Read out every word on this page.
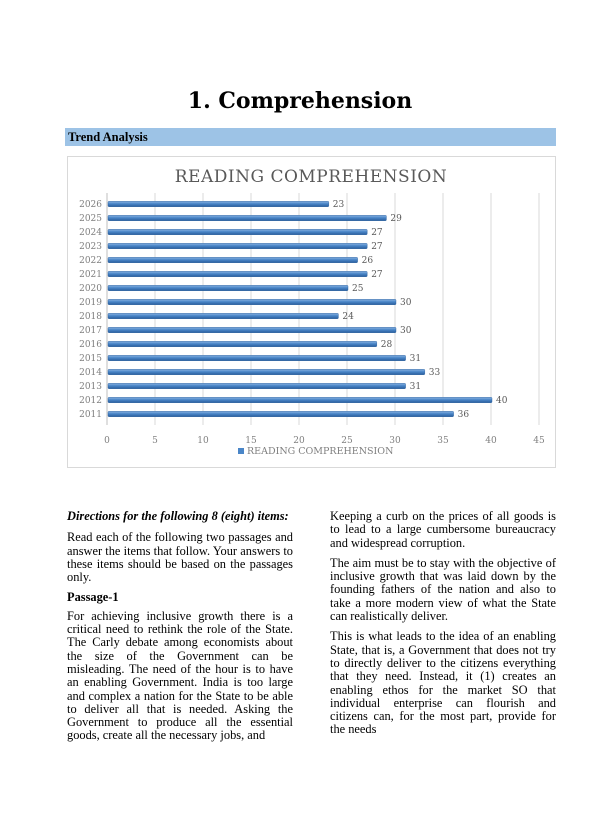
1. Comprehension
Trend Analysis
READING COMPREHENSION
0	5	10	15	20	25	30	35	40	45
2026	23
2025	29
2024	27
2023	27
2022	26
2021	27
2020	25
2019	30
2018	24
2017	30
2016	28
2015	31
2014	33
2013	31
2012	40
2011	36
READING COMPREHENSION

Directions for the following 8 (eight) items:

Read each of the following two passages and answer the items that follow. Your answers to these items should be based on the passages only.

Passage-1

For achieving inclusive growth there is a critical need to rethink the role of the State. The Carly debate among economists about the size of the Government can be misleading. The need of the hour is to have an enabling Government. India is too large and complex a nation for the State to be able to deliver all that is needed. Asking the Government to produce all the essential goods, create all the necessary jobs, and

Keeping a curb on the prices of all goods is to lead to a large cumbersome bureaucracy and widespread corruption.

The aim must be to stay with the objective of inclusive growth that was laid down by the founding fathers of the nation and also to take a more modern view of what the State can realistically deliver.

This is what leads to the idea of an enabling State, that is, a Government that does not try to directly deliver to the citizens everything that they need. Instead, it (1) creates an enabling ethos for the market SO that individual enterprise can flourish and citizens can, for the most part, provide for the needs
